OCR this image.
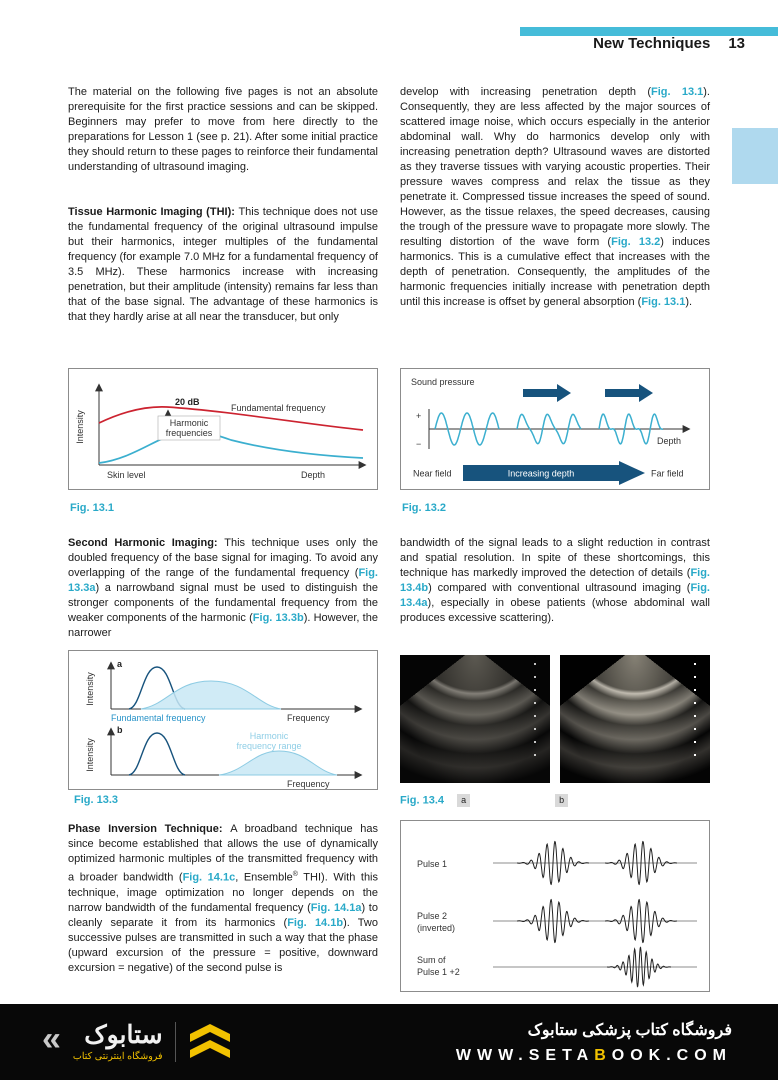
New Techniques 13

The material on the following five pages is not an absolute prerequisite for the first practice sessions and can be skipped. Beginners may prefer to move from here directly to the preparations for Lesson 1 (see p. 21). After some initial practice they should return to these pages to reinforce their fundamental understanding of ultrasound imaging.

Tissue Harmonic Imaging (THI): This technique does not use the fundamental frequency of the original ultrasound impulse but their harmonics, integer multiples of the fundamental frequency (for example 7.0 MHz for a fundamental frequency of 3.5 MHz). These harmonics increase with increasing penetration, but their amplitude (intensity) remains far less than that of the base signal. The advantage of these harmonics is that they hardly arise at all near the transducer, but only

develop with increasing penetration depth (Fig. 13.1). Consequently, they are less affected by the major sources of scattered image noise, which occurs especially in the anterior abdominal wall. Why do harmonics develop only with increasing penetration depth? Ultrasound waves are distorted as they traverse tissues with varying acoustic properties. Their pressure waves compress and relax the tissue as they penetrate it. Compressed tissue increases the speed of sound. However, as the tissue relaxes, the speed decreases, causing the trough of the pressure wave to propagate more slowly. The resulting distortion of the wave form (Fig. 13.2) induces harmonics. This is a cumulative effect that increases with the depth of penetration. Consequently, the amplitudes of the harmonic frequencies initially increase with penetration depth until this increase is offset by general absorption (Fig. 13.1).

Second Harmonic Imaging: This technique uses only the doubled frequency of the base signal for imaging. To avoid any overlapping of the range of the fundamental frequency (Fig. 13.3a) a narrowband signal must be used to distinguish the stronger components of the fundamental frequency from the weaker components of the harmonic (Fig. 13.3b). However, the narrower

bandwidth of the signal leads to a slight reduction in contrast and spatial resolution. In spite of these shortcomings, this technique has markedly improved the detection of details (Fig. 13.4b) compared with conventional ultrasound imaging (Fig. 13.4a), especially in obese patients (whose abdominal wall produces excessive scattering).

Phase Inversion Technique: A broadband technique has since become established that allows the use of dynamically optimized harmonic multiples of the transmitted frequency with a broader bandwidth (Fig. 14.1c, Ensemble® THI). With this technique, image optimization no longer depends on the narrow bandwidth of the fundamental frequency (Fig. 14.1a) to cleanly separate it from its harmonics (Fig. 14.1b). Two successive pulses are transmitted in such a way that the phase (upward excursion of the pressure = positive, downward excursion = negative) of the second pulse is

Intensity
20 dB
Fundamental frequency
Harmonic
frequencies
Skin level	Depth
Fig. 13.1
Sound pressure
+
−	Depth
Increasing depth
Near field	Far field
Fig. 13.2
a
Intensity
Fundamental frequency	Frequency
b
Intensity
Harmonic
frequency range
Frequency
Fig. 13.3	Fig. 13.4 a	b
Pulse 1
Pulse 2
(inverted)
Sum of
Pulse 1 +2
« ستابوک
فروشگاه اینترنتی کتاب
فروشگاه کتاب پزشکی ستابوک
WWW.SETABOOK.COM
